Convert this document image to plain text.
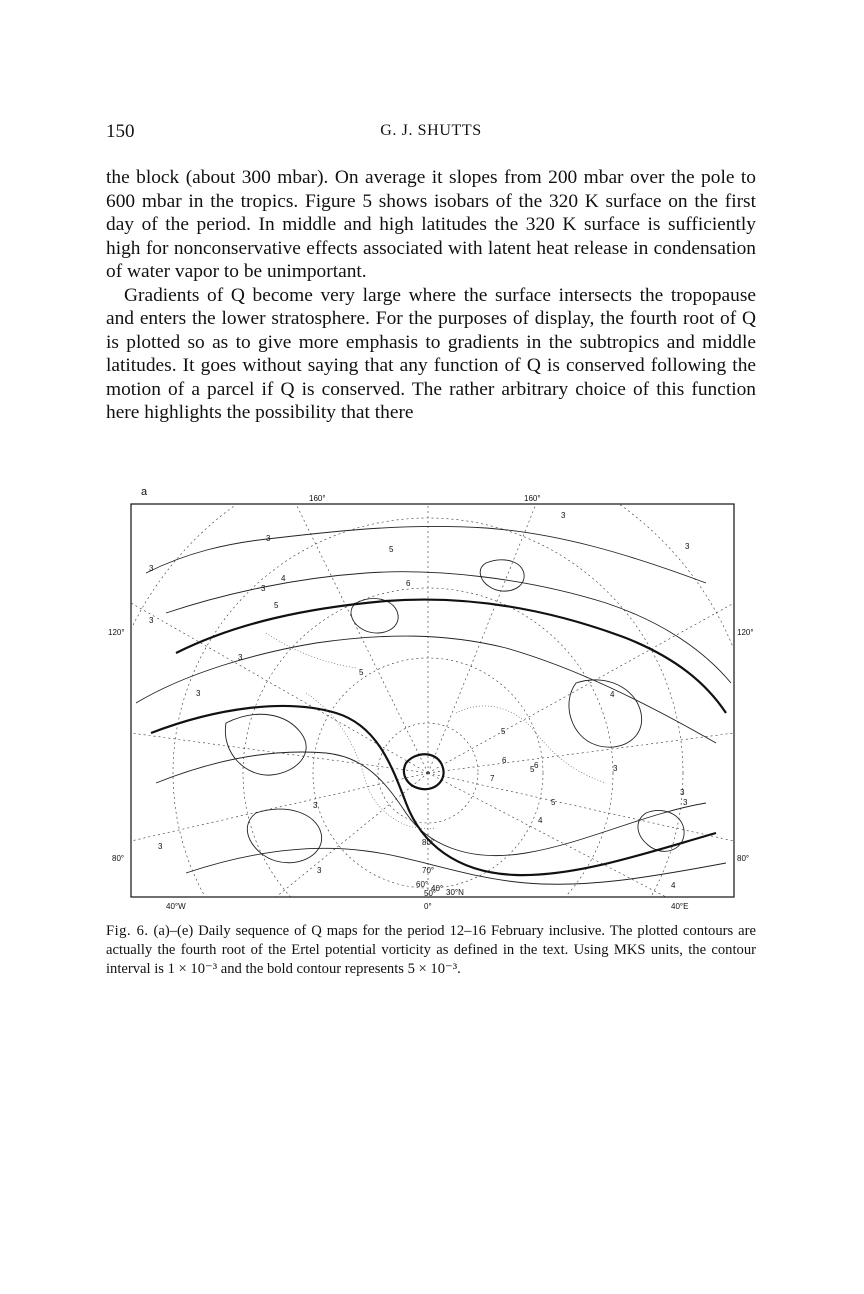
150	G. J. SHUTTS

the block (about 300 mbar). On average it slopes from 200 mbar over the pole to 600 mbar in the tropics. Figure 5 shows isobars of the 320 K surface on the first day of the period. In middle and high latitudes the 320 K surface is sufficiently high for nonconservative effects associated with latent heat release in condensation of water vapor to be unimportant.

Gradients of Q become very large where the surface intersects the tropopause and enters the lower stratosphere. For the purposes of display, the fourth root of Q is plotted so as to give more emphasis to gradients in the subtropics and middle latitudes. It goes without saying that any function of Q is conserved following the motion of a parcel if Q is conserved. The rather arbitrary choice of this function here highlights the possibility that there

a
160°	160°
120°
80°
120°
80°
40°W	0°	40°E
80°
70°
60°
50°
40° 30°N
3
3
3
3
4
5
6
5
3
6
7
5
4
3
3
6
5
4
3
3
3
3
4
5
3
3
3
5
Fig. 6. (a)–(e) Daily sequence of Q maps for the period 12–16 February inclusive. The plotted contours are actually the fourth root of the Ertel potential vorticity as defined in the text. Using MKS units, the contour interval is 1 × 10⁻³ and the bold contour represents 5 × 10⁻³.
